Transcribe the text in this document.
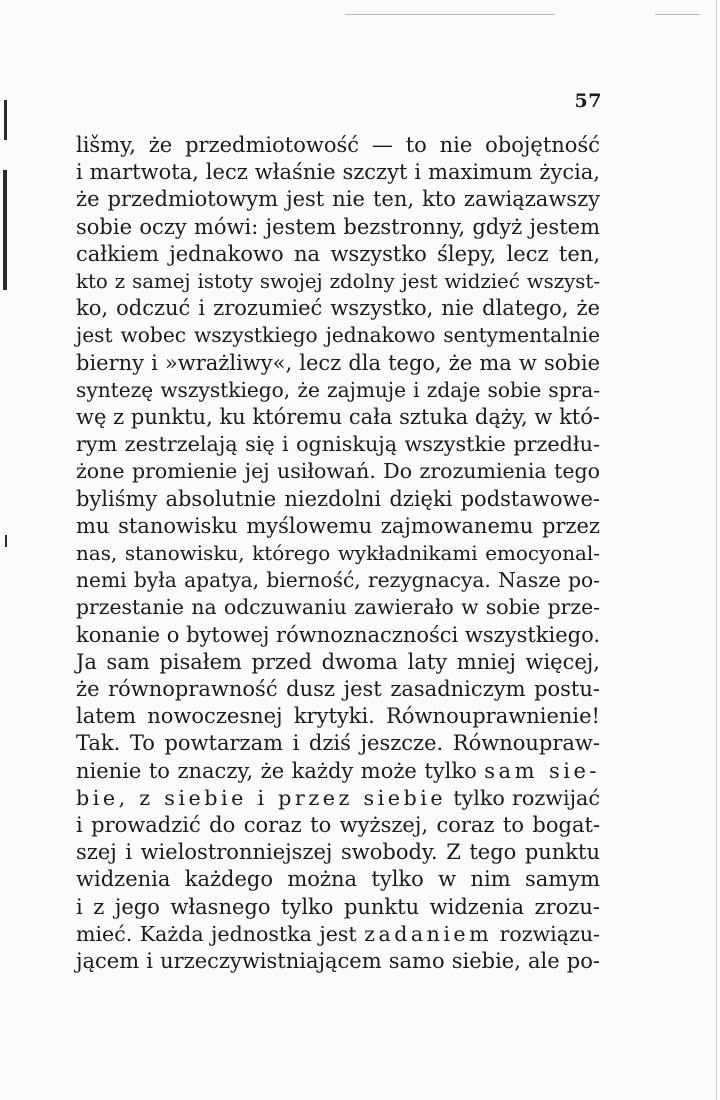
57
lišmy, że przedmiotowość — to nie obojętność
i martwota, lecz właśnie szczyt i maximum życia,
że przedmiotowym jest nie ten, kto zawiązawszy
sobie oczy mówi: jestem bezstronny, gdyż jestem
całkiem jednakowo na wszystko ślepy, lecz ten,
kto z samej istoty swojej zdolny jest widzieć wszyst-
ko, odczuć i zrozumieć wszystko, nie dlatego, że
jest wobec wszystkiego jednakowo sentymentalnie
bierny i »wrażliwy«, lecz dla tego, że ma w sobie
syntezę wszystkiego, że zajmuje i zdaje sobie spra-
wę z punktu, ku któremu cała sztuka dąży, w któ-
rym zestrzelają się i ogniskują wszystkie przedłu-
żone promienie jej usiłowań. Do zrozumienia tego
byliśmy absolutnie niezdolni dzięki podstawowe-
mu stanowisku myślowemu zajmowanemu przez
nas, stanowisku, którego wykładnikami emocyonal-
nemi była apatya, bierność, rezygnacya. Nasze po-
przestanie na odczuwaniu zawierało w sobie prze-
konanie o bytowej równoznaczności wszystkiego.
Ja sam pisałem przed dwoma laty mniej więcej,
że równoprawność dusz jest zasadniczym postu-
latem nowoczesnej krytyki. Równouprawnienie!
Tak. To powtarzam i dziś jeszcze. Równoupraw-
nienie to znaczy, że każdy może tylko sam sie-
bie, z siebie i przez siebie tylko rozwijać
i prowadzić do coraz to wyższej, coraz to bogat-
szej i wielostronniejszej swobody. Z tego punktu
widzenia każdego można tylko w nim samym
i z jego własnego tylko punktu widzenia zrozu-
mieć. Każda jednostka jest zadaniem rozwiązu-
jącem i urzeczywistniającem samo siebie, ale po-
